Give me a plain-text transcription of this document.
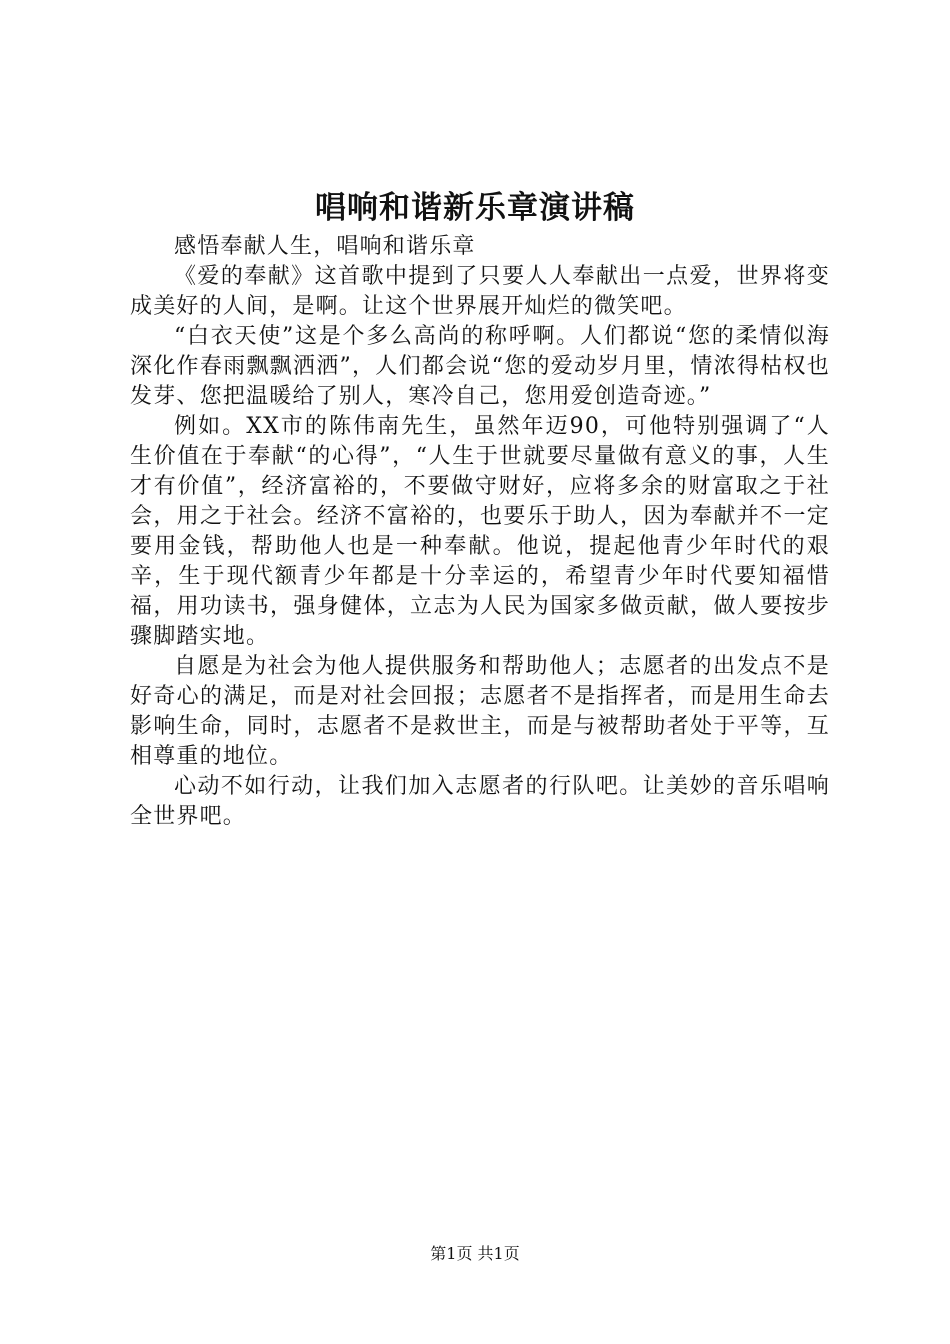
唱响和谐新乐章演讲稿

感悟奉献人生，唱响和谐乐章

《爱的奉献》这首歌中提到了只要人人奉献出一点爱，世界将变成美好的人间，是啊。让这个世界展开灿烂的微笑吧。

“白衣天使”这是个多么高尚的称呼啊。人们都说“您的柔情似海深化作春雨飘飘洒洒”，人们都会说“您的爱动岁月里，情浓得枯权也发芽、您把温暖给了别人，寒冷自己，您用爱创造奇迹。”

例如。XX市的陈伟南先生，虽然年迈90，可他特别强调了“人生价值在于奉献“的心得”，“人生于世就要尽量做有意义的事，人生才有价值”，经济富裕的，不要做守财好，应将多余的财富取之于社会，用之于社会。经济不富裕的，也要乐于助人，因为奉献并不一定要用金钱，帮助他人也是一种奉献。他说，提起他青少年时代的艰辛，生于现代额青少年都是十分幸运的，希望青少年时代要知福惜福，用功读书，强身健体，立志为人民为国家多做贡献，做人要按步骤脚踏实地。

自愿是为社会为他人提供服务和帮助他人；志愿者的出发点不是好奇心的满足，而是对社会回报；志愿者不是指挥者，而是用生命去影响生命，同时，志愿者不是救世主，而是与被帮助者处于平等，互相尊重的地位。

心动不如行动，让我们加入志愿者的行队吧。让美妙的音乐唱响全世界吧。

第1页 共1页
